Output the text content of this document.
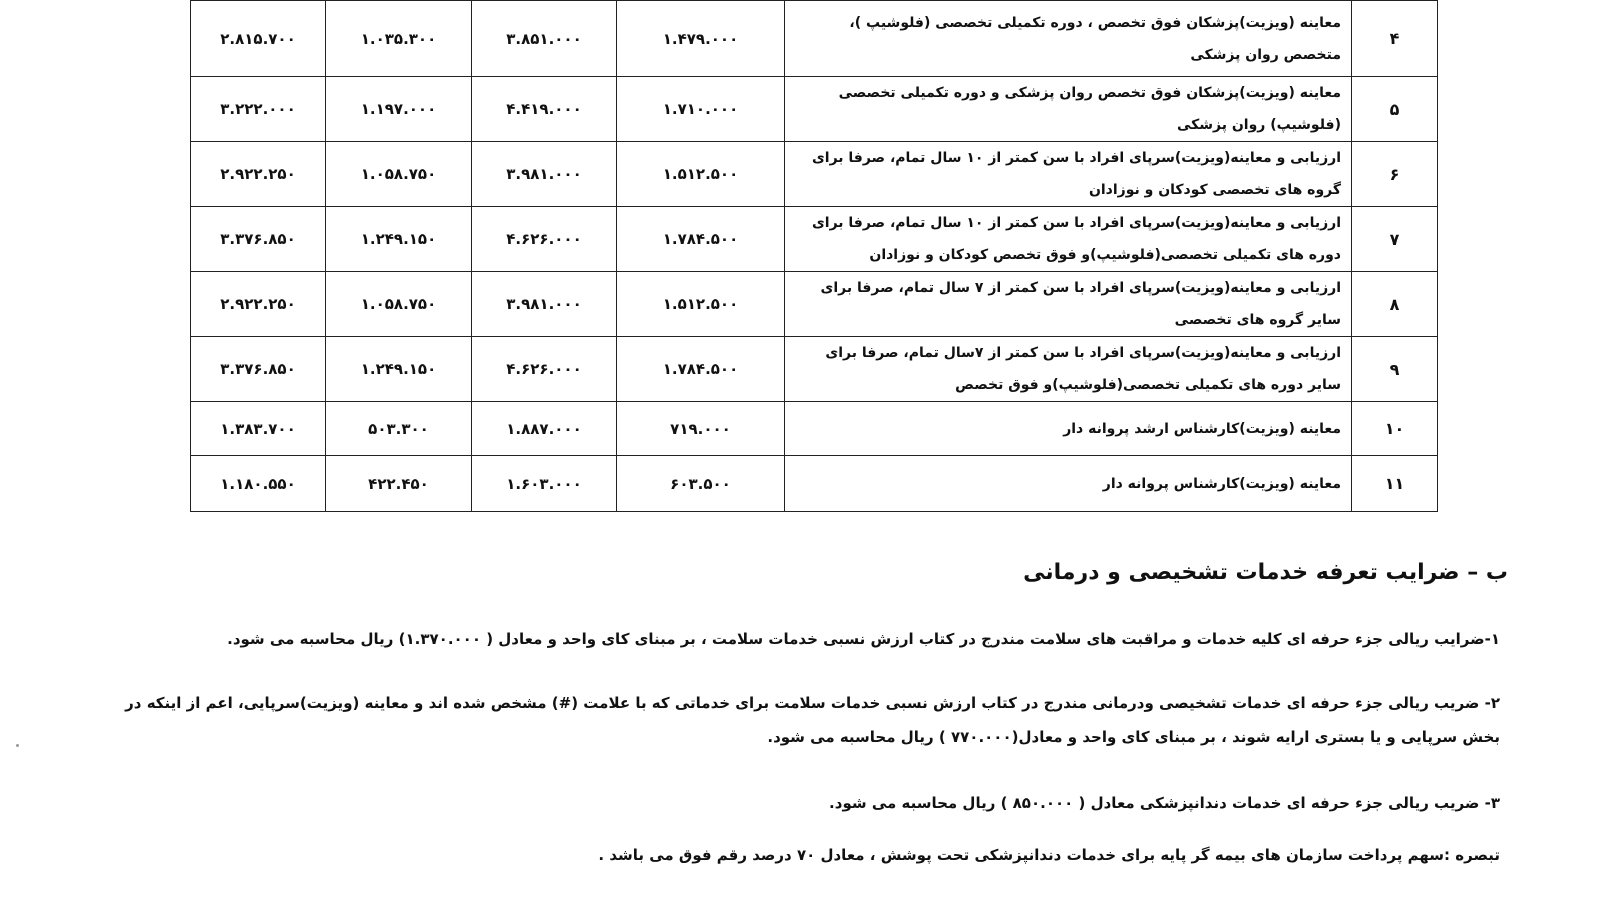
۴	معاینه (ویزیت)پزشکان فوق تخصص ، دوره تکمیلی تخصصی (فلوشیپ )، متخصص روان پزشکی	۱.۴۷۹.۰۰۰	۳.۸۵۱.۰۰۰	۱.۰۳۵.۳۰۰	۲.۸۱۵.۷۰۰
۵	معاینه (ویزیت)پزشکان فوق تخصص روان پزشکی و دوره تکمیلی تخصصی (فلوشیپ) روان پزشکی	۱.۷۱۰.۰۰۰	۴.۴۱۹.۰۰۰	۱.۱۹۷.۰۰۰	۳.۲۲۲.۰۰۰
۶	ارزیابی و معاینه(ویزیت)سرپای افراد با سن کمتر از ۱۰ سال تمام، صرفا برای گروه های تخصصی کودکان و نوزادان	۱.۵۱۲.۵۰۰	۳.۹۸۱.۰۰۰	۱.۰۵۸.۷۵۰	۲.۹۲۲.۲۵۰
۷	ارزیابی و معاینه(ویزیت)سرپای افراد با سن کمتر از ۱۰ سال تمام، صرفا برای دوره های تکمیلی تخصصی(فلوشیپ)و فوق تخصص کودکان و نوزادان	۱.۷۸۴.۵۰۰	۴.۶۲۶.۰۰۰	۱.۲۴۹.۱۵۰	۳.۳۷۶.۸۵۰
۸	ارزیابی و معاینه(ویزیت)سرپای افراد با سن کمتر از ۷ سال تمام، صرفا برای سایر گروه های تخصصی	۱.۵۱۲.۵۰۰	۳.۹۸۱.۰۰۰	۱.۰۵۸.۷۵۰	۲.۹۲۲.۲۵۰
۹	ارزیابی و معاینه(ویزیت)سرپای افراد با سن کمتر از ۷سال تمام، صرفا برای سایر دوره های تکمیلی تخصصی(فلوشیپ)و فوق تخصص	۱.۷۸۴.۵۰۰	۴.۶۲۶.۰۰۰	۱.۲۴۹.۱۵۰	۳.۳۷۶.۸۵۰
۱۰	معاینه (ویزیت)کارشناس ارشد پروانه دار	۷۱۹.۰۰۰	۱.۸۸۷.۰۰۰	۵۰۳.۳۰۰	۱.۳۸۳.۷۰۰
۱۱	معاینه (ویزیت)کارشناس پروانه دار	۶۰۳.۵۰۰	۱.۶۰۳.۰۰۰	۴۲۲.۴۵۰	۱.۱۸۰.۵۵۰
ب – ضرایب تعرفه خدمات تشخیصی و درمانی
۱-ضرایب ریالی جزء حرفه ای کلیه خدمات و مراقبت های سلامت مندرج در کتاب ارزش نسبی خدمات سلامت ، بر مبنای کای واحد و معادل ( ۱.۳۷۰.۰۰۰) ریال محاسبه می شود.
۲- ضریب ریالی جزء حرفه ای خدمات تشخیصی ودرمانی مندرج در کتاب ارزش نسبی خدمات سلامت برای خدماتی که با علامت (#) مشخص شده اند و معاینه (ویزیت)سرپایی، اعم از اینکه در بخش سرپایی و یا بستری ارایه شوند ، بر مبنای کای واحد و معادل(۷۷۰.۰۰۰ ) ریال محاسبه می شود.
۳- ضریب ریالی جزء حرفه ای خدمات دندانپزشکی معادل ( ۸۵۰.۰۰۰ ) ریال محاسبه می شود.
تبصره :سهم پرداخت سازمان های بیمه گر پایه برای خدمات دندانپزشکی تحت پوشش ، معادل ۷۰ درصد رقم فوق می باشد .
